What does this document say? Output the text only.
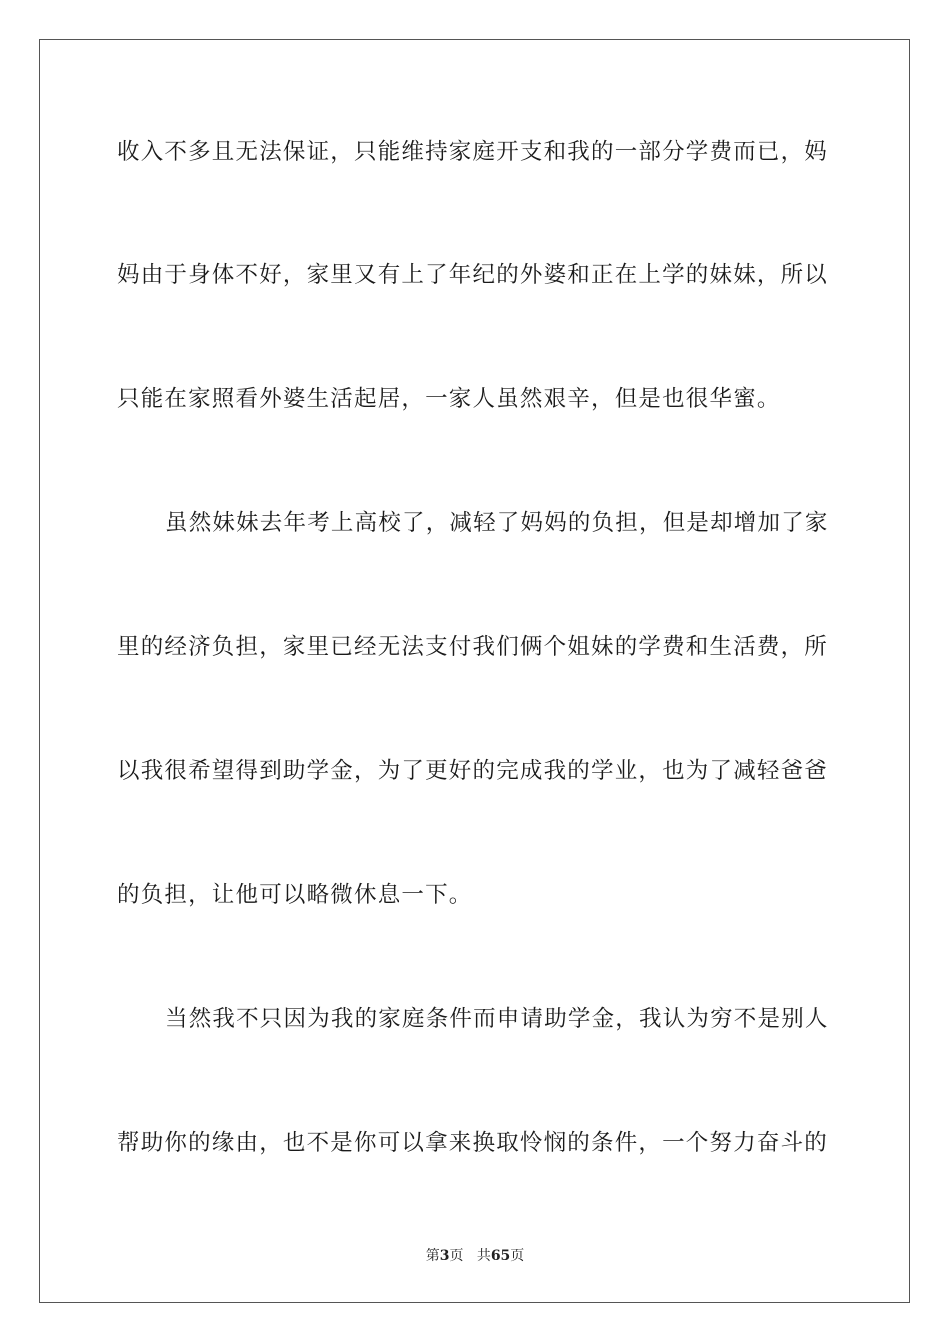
收入不多且无法保证，只能维持家庭开支和我的一部分学费而已，妈
妈由于身体不好，家里又有上了年纪的外婆和正在上学的妹妹，所以
只能在家照看外婆生活起居，一家人虽然艰辛，但是也很华蜜。
虽然妹妹去年考上高校了，减轻了妈妈的负担，但是却增加了家
里的经济负担，家里已经无法支付我们俩个姐妹的学费和生活费，所
以我很希望得到助学金，为了更好的完成我的学业，也为了减轻爸爸
的负担，让他可以略微休息一下。
当然我不只因为我的家庭条件而申请助学金，我认为穷不是别人
帮助你的缘由，也不是你可以拿来换取怜悯的条件，一个努力奋斗的
第3页 共65页
